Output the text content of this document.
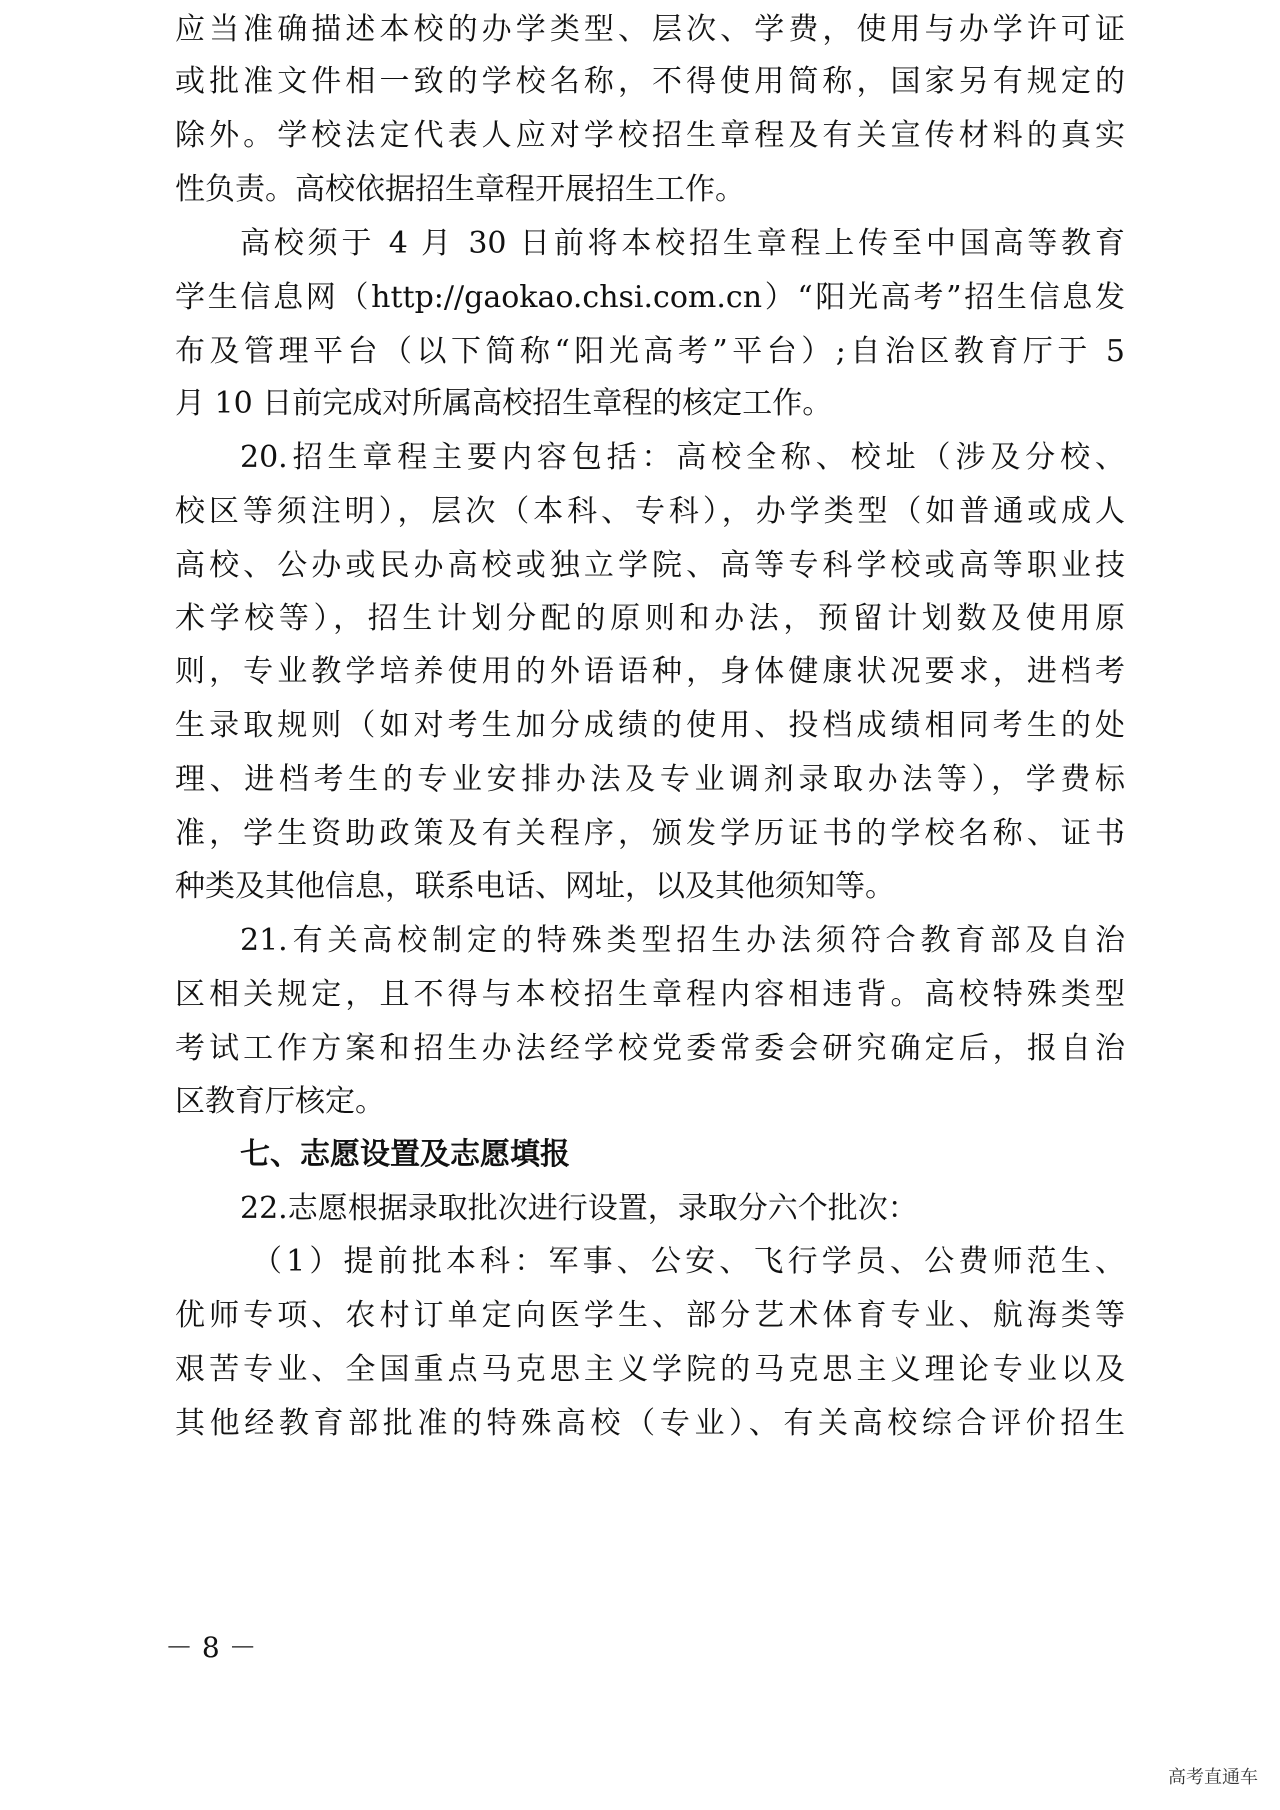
应当准确描述本校的办学类型、层次、学费，使用与办学许可证
或批准文件相一致的学校名称，不得使用简称，国家另有规定的
除外。学校法定代表人应对学校招生章程及有关宣传材料的真实
性负责。高校依据招生章程开展招生工作。
高校须于 4 月 30 日前将本校招生章程上传至中国高等教育
学生信息网（http://gaokao.chsi.com.cn）“阳光高考”招生信息发
布及管理平台（以下简称“阳光高考”平台）;自治区教育厅于 5
月 10 日前完成对所属高校招生章程的核定工作。
20.招生章程主要内容包括：高校全称、校址（涉及分校、
校区等须注明），层次（本科、专科），办学类型（如普通或成人
高校、公办或民办高校或独立学院、高等专科学校或高等职业技
术学校等），招生计划分配的原则和办法，预留计划数及使用原
则，专业教学培养使用的外语语种，身体健康状况要求，进档考
生录取规则（如对考生加分成绩的使用、投档成绩相同考生的处
理、进档考生的专业安排办法及专业调剂录取办法等），学费标
准，学生资助政策及有关程序，颁发学历证书的学校名称、证书
种类及其他信息，联系电话、网址，以及其他须知等。
21.有关高校制定的特殊类型招生办法须符合教育部及自治
区相关规定，且不得与本校招生章程内容相违背。高校特殊类型
考试工作方案和招生办法经学校党委常委会研究确定后，报自治
区教育厅核定。
七、志愿设置及志愿填报
22.志愿根据录取批次进行设置，录取分六个批次：
（1）提前批本科：军事、公安、飞行学员、公费师范生、
优师专项、农村订单定向医学生、部分艺术体育专业、航海类等
艰苦专业、全国重点马克思主义学院的马克思主义理论专业以及
其他经教育部批准的特殊高校（专业）、有关高校综合评价招生
－ 8 －
高考直通车
